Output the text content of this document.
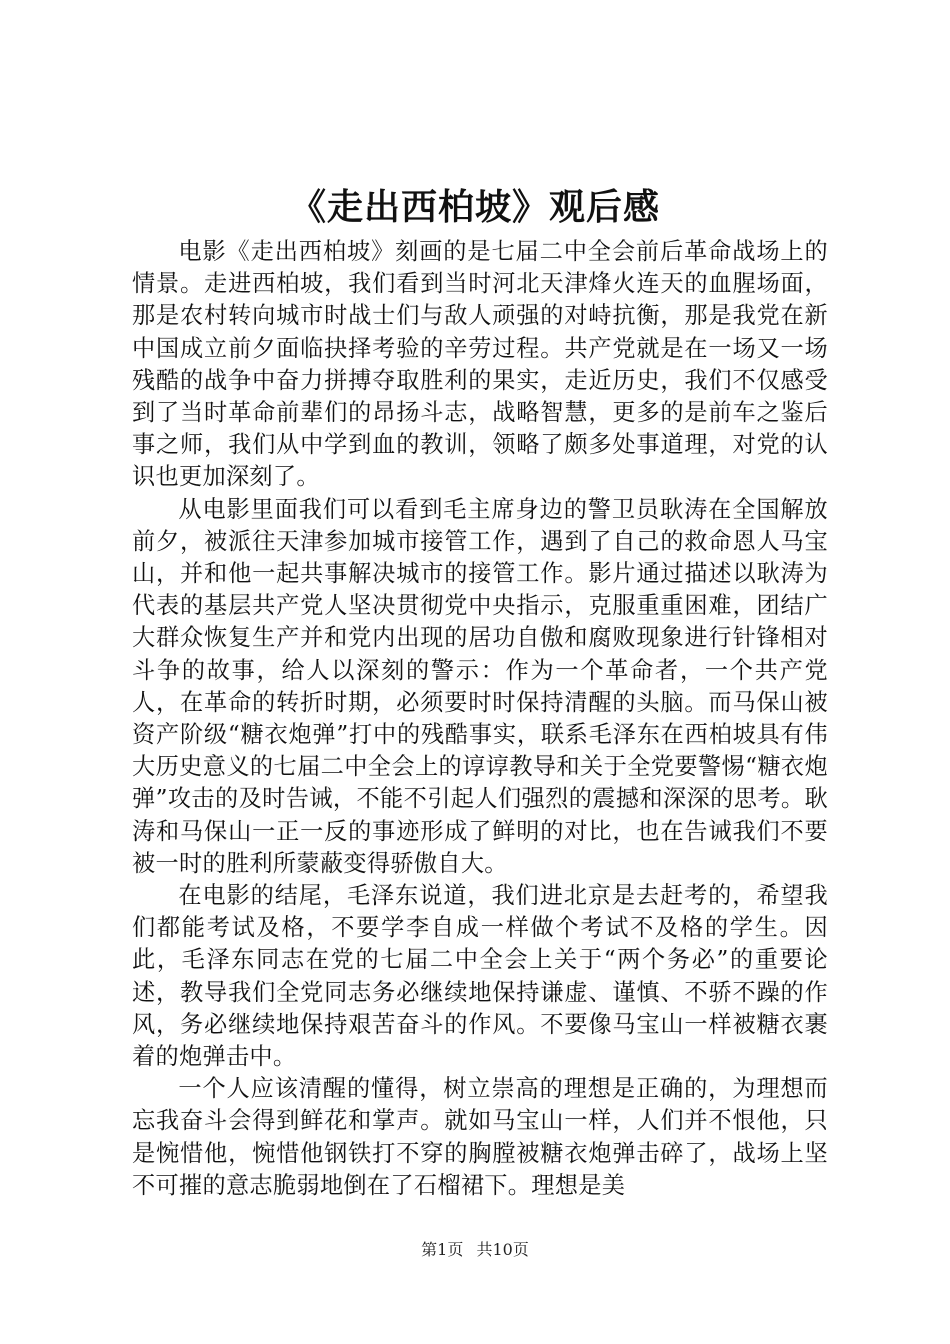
《走出西柏坡》观后感

电影《走出西柏坡》刻画的是七届二中全会前后革命战场上的情景。走进西柏坡，我们看到当时河北天津烽火连天的血腥场面，那是农村转向城市时战士们与敌人顽强的对峙抗衡，那是我党在新中国成立前夕面临抉择考验的辛劳过程。共产党就是在一场又一场残酷的战争中奋力拼搏夺取胜利的果实，走近历史，我们不仅感受到了当时革命前辈们的昂扬斗志，战略智慧，更多的是前车之鉴后事之师，我们从中学到血的教训，领略了颇多处事道理，对党的认识也更加深刻了。

从电影里面我们可以看到毛主席身边的警卫员耿涛在全国解放前夕，被派往天津参加城市接管工作，遇到了自己的救命恩人马宝山，并和他一起共事解决城市的接管工作。影片通过描述以耿涛为代表的基层共产党人坚决贯彻党中央指示，克服重重困难，团结广大群众恢复生产并和党内出现的居功自傲和腐败现象进行针锋相对斗争的故事，给人以深刻的警示：作为一个革命者，一个共产党人，在革命的转折时期，必须要时时保持清醒的头脑。而马保山被资产阶级“糖衣炮弹”打中的残酷事实，联系毛泽东在西柏坡具有伟大历史意义的七届二中全会上的谆谆教导和关于全党要警惕“糖衣炮弹”攻击的及时告诫，不能不引起人们强烈的震撼和深深的思考。耿涛和马保山一正一反的事迹形成了鲜明的对比，也在告诫我们不要被一时的胜利所蒙蔽变得骄傲自大。

在电影的结尾，毛泽东说道，我们进北京是去赶考的，希望我们都能考试及格，不要学李自成一样做个考试不及格的学生。因此，毛泽东同志在党的七届二中全会上关于“两个务必”的重要论述，教导我们全党同志务必继续地保持谦虚、谨慎、不骄不躁的作风，务必继续地保持艰苦奋斗的作风。不要像马宝山一样被糖衣裹着的炮弹击中。

一个人应该清醒的懂得，树立崇高的理想是正确的，为理想而忘我奋斗会得到鲜花和掌声。就如马宝山一样，人们并不恨他，只是惋惜他，惋惜他钢铁打不穿的胸膛被糖衣炮弹击碎了，战场上坚不可摧的意志脆弱地倒在了石榴裙下。理想是美

第1页 共10页
